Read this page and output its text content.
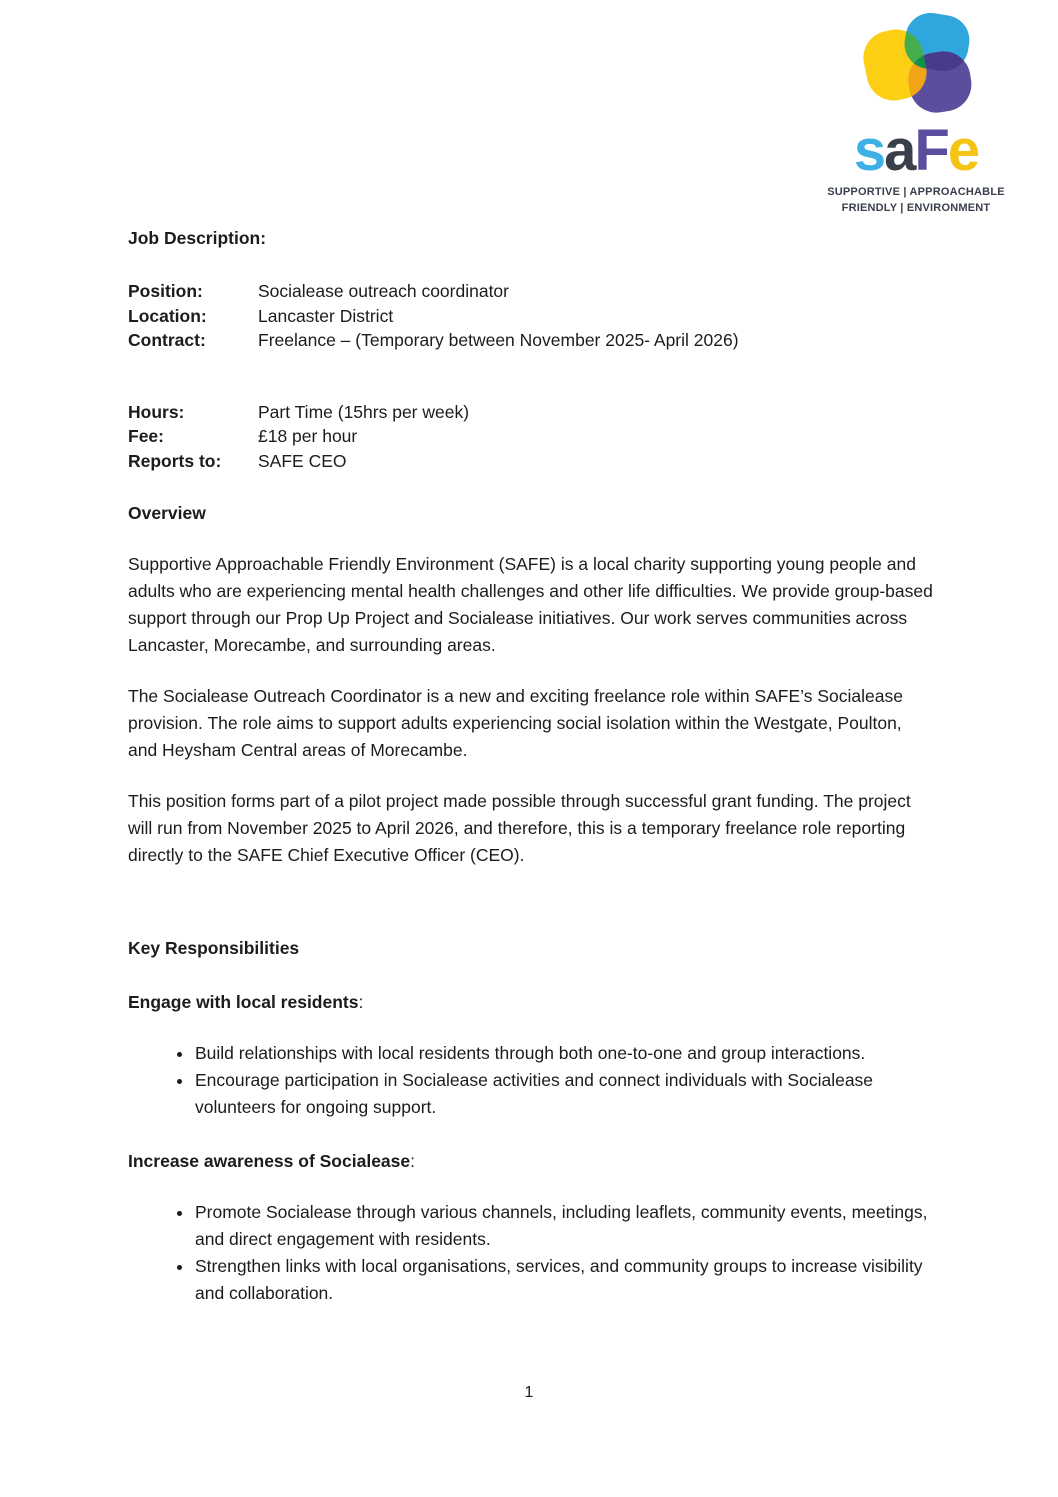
saFe
SUPPORTIVE | APPROACHABLE
FRIENDLY | ENVIRONMENT

Job Description:

Position:	Socialease outreach coordinator
Location:	Lancaster District
Contract:	Freelance – (Temporary between November 2025- April 2026)
Hours:	Part Time (15hrs per week)
Fee:	£18 per hour
Reports to:	SAFE CEO

Overview

Supportive Approachable Friendly Environment (SAFE) is a local charity supporting young people and adults who are experiencing mental health challenges and other life difficulties. We provide group-based support through our Prop Up Project and Socialease initiatives. Our work serves communities across Lancaster, Morecambe, and surrounding areas.

The Socialease Outreach Coordinator is a new and exciting freelance role within SAFE’s Socialease provision. The role aims to support adults experiencing social isolation within the Westgate, Poulton, and Heysham Central areas of Morecambe.

This position forms part of a pilot project made possible through successful grant funding. The project will run from November 2025 to April 2026, and therefore, this is a temporary freelance role reporting directly to the SAFE Chief Executive Officer (CEO).

Key Responsibilities

Engage with local residents:

• Build relationships with local residents through both one-to-one and group interactions.
• Encourage participation in Socialease activities and connect individuals with Socialease volunteers for ongoing support.

Increase awareness of Socialease:

• Promote Socialease through various channels, including leaflets, community events, meetings, and direct engagement with residents.
• Strengthen links with local organisations, services, and community groups to increase visibility and collaboration.
1
